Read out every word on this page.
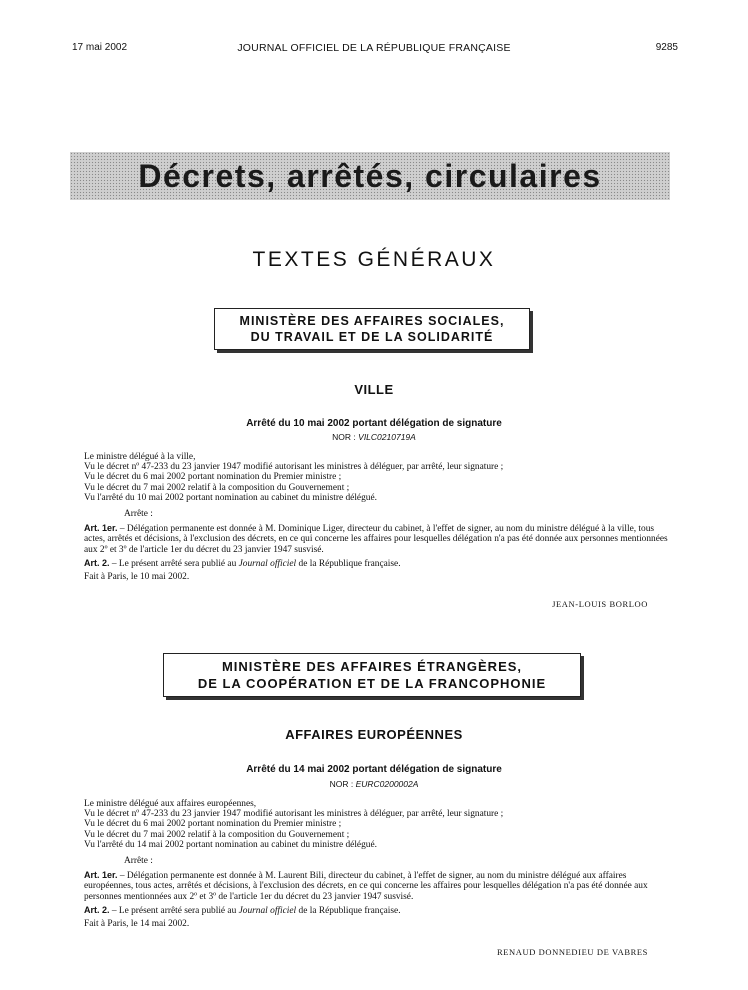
17 mai 2002	JOURNAL OFFICIEL DE LA RÉPUBLIQUE FRANÇAISE	9285
Décrets, arrêtés, circulaires
TEXTES GÉNÉRAUX
MINISTÈRE DES AFFAIRES SOCIALES,
DU TRAVAIL ET DE LA SOLIDARITÉ
VILLE
Arrêté du 10 mai 2002 portant délégation de signature
NOR : VILC0210719A

Le ministre délégué à la ville,

Vu le décret nº 47-233 du 23 janvier 1947 modifié autorisant les ministres à déléguer, par arrêté, leur signature ;

Vu le décret du 6 mai 2002 portant nomination du Premier ministre ;

Vu le décret du 7 mai 2002 relatif à la composition du Gouvernement ;

Vu l'arrêté du 10 mai 2002 portant nomination au cabinet du ministre délégué.

Arrête :

Art. 1er. – Délégation permanente est donnée à M. Dominique Liger, directeur du cabinet, à l'effet de signer, au nom du ministre délégué à la ville, tous actes, arrêtés et décisions, à l'exclusion des décrets, en ce qui concerne les affaires pour lesquelles délégation n'a pas été donnée aux personnes mentionnées aux 2º et 3º de l'article 1er du décret du 23 janvier 1947 susvisé.

Art. 2. – Le présent arrêté sera publié au Journal officiel de la République française.

Fait à Paris, le 10 mai 2002.

JEAN-LOUIS BORLOO
MINISTÈRE DES AFFAIRES ÉTRANGÈRES,
DE LA COOPÉRATION ET DE LA FRANCOPHONIE
AFFAIRES EUROPÉENNES
Arrêté du 14 mai 2002 portant délégation de signature
NOR : EURC0200002A

Le ministre délégué aux affaires européennes,

Vu le décret nº 47-233 du 23 janvier 1947 modifié autorisant les ministres à déléguer, par arrêté, leur signature ;

Vu le décret du 6 mai 2002 portant nomination du Premier ministre ;

Vu le décret du 7 mai 2002 relatif à la composition du Gouvernement ;

Vu l'arrêté du 14 mai 2002 portant nomination au cabinet du ministre délégué.

Arrête :

Art. 1er. – Délégation permanente est donnée à M. Laurent Bili, directeur du cabinet, à l'effet de signer, au nom du ministre délégué aux affaires européennes, tous actes, arrêtés et décisions, à l'exclusion des décrets, en ce qui concerne les affaires pour lesquelles délégation n'a pas été donnée aux personnes mentionnées aux 2º et 3º de l'article 1er du décret du 23 janvier 1947 susvisé.

Art. 2. – Le présent arrêté sera publié au Journal officiel de la République française.

Fait à Paris, le 14 mai 2002.

RENAUD DONNEDIEU DE VABRES
